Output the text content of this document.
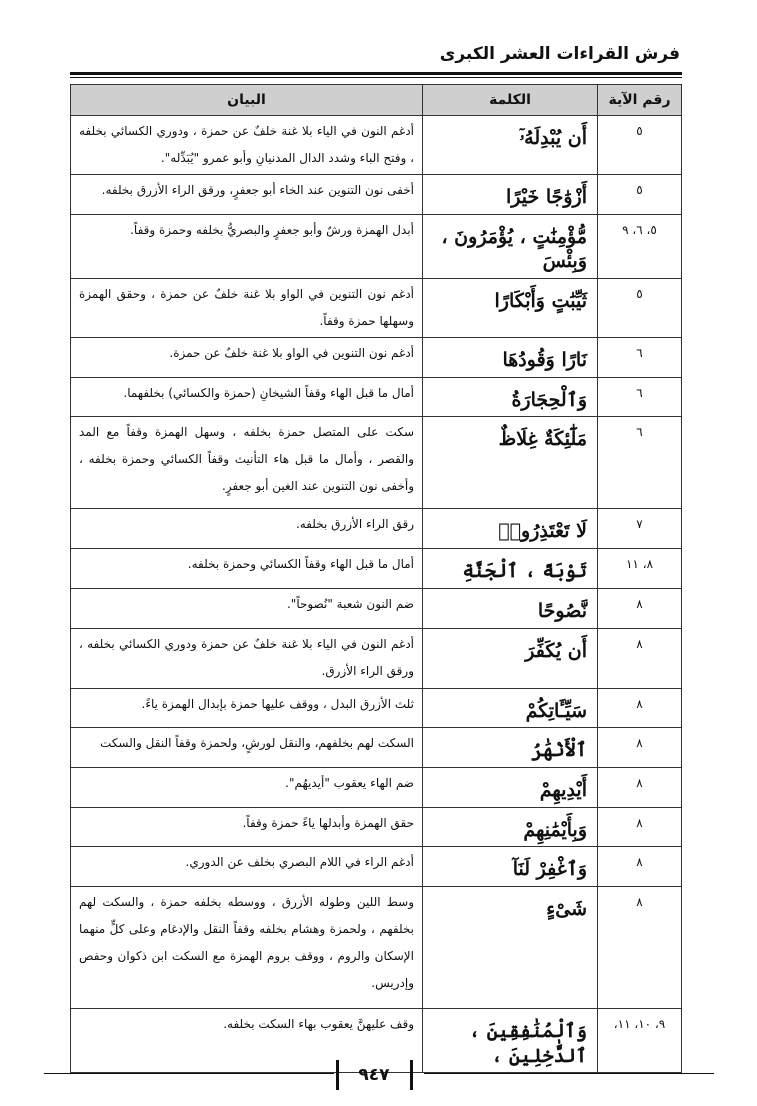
فرش القراءات العشر الكبرى
رقم الآية	الكلمة	البيان
٥	أَن يُبْدِلَهُۥٓ	أدغم النون في الياء بلا غنة خلفٌ عن حمزة ، ودوري الكسائي بخلفه ، وفتح الباء وشدد الدال المدنيانِ وأبو عمرو "يُبَدِّله".
٥	أَزْوَٰجًا خَيْرًا	أخفى نون التنوين عند الخاء أبو جعفرٍ، ورقق الراء الأزرق بخلفه.
٥، ٦، ٩	مُّؤْمِنَٰتٍ ، يُؤْمَرُونَ ، وَبِئْسَ	أبدل الهمزة ورشٌ وأبو جعفرٍ والبصريُّ بخلفه وحمزة وقفاً.
٥	ثَيِّبَٰتٍ وَأَبْكَارًا	أدغم نون التنوين في الواو بلا غنة خلفٌ عن حمزة ، وحقق الهمزة وسهلها حمزة وقفاً.
٦	نَارًا وَقُودُهَا	أدغم نون التنوين في الواو بلا غنة خلفٌ عن حمزة.
٦	وَٱلْحِجَارَةُ	أمال ما قبل الهاء وقفاً الشيخانِ (حمزة والكسائي) بخلفهما.
٦	مَلَٰٓئِكَةٌ غِلَاظٌ	سكت على المتصل حمزة بخلفه ، وسهل الهمزة وقفاً مع المد والقصر ، وأمال ما قبل هاء التأنيث وقفاً الكسائي وحمزة بخلفه ، وأخفى نون التنوين عند الغين أبو جعفرٍ.
٧	لَا تَعْتَذِرُوا۟	رقق الراء الأزرق بخلفه.
٨، ١١	تَوْبَةً ، ٱلْجَنَّةِ	أمال ما قبل الهاء وقفاً الكسائي وحمزة بخلفه.
٨	نَّصُوحًا	ضم النون شعبة "نُصوحاً".
٨	أَن يُكَفِّرَ	أدغم النون في الياء بلا غنة خلفٌ عن حمزة ودوري الكسائي بخلفه ، ورقق الراء الأزرق.
٨	سَيِّـَٔاتِكُمْ	ثلث الأزرق البدل ، ووقف عليها حمزة بإبدال الهمزة ياءً.
٨	ٱلْأَنْهَٰرُ	السكت لهم بخلفهم، والنقل لورشٍ، ولحمزة وقفاً النقل والسكت
٨	أَيْدِيهِمْ	ضم الهاء يعقوب "أيديهُم".
٨	وَبِأَيْمَٰنِهِمْ	حقق الهمزة وأبدلها ياءً حمزة وقفاً.
٨	وَٱغْفِرْ لَنَآ	أدغم الراء في اللام البصري بخلف عن الدوري.
٨	شَىْءٍ	وسط اللين وطوله الأزرق ، ووسطه بخلفه حمزة ، والسكت لهم بخلفهم ، ولحمزة وهشام بخلفه وقفاً النقل والإدغام وعلى كلٍّ منهما الإسكان والروم ، ووقف بروم الهمزة مع السكت ابن ذكوان وحفص وإدريس.
٩، ١٠، ١١،	وَٱلْمُنَٰفِقِينَ ، ٱلدَّٰخِلِينَ ،	وقف عليهنَّ يعقوب بهاء السكت بخلفه.
٩٤٧
